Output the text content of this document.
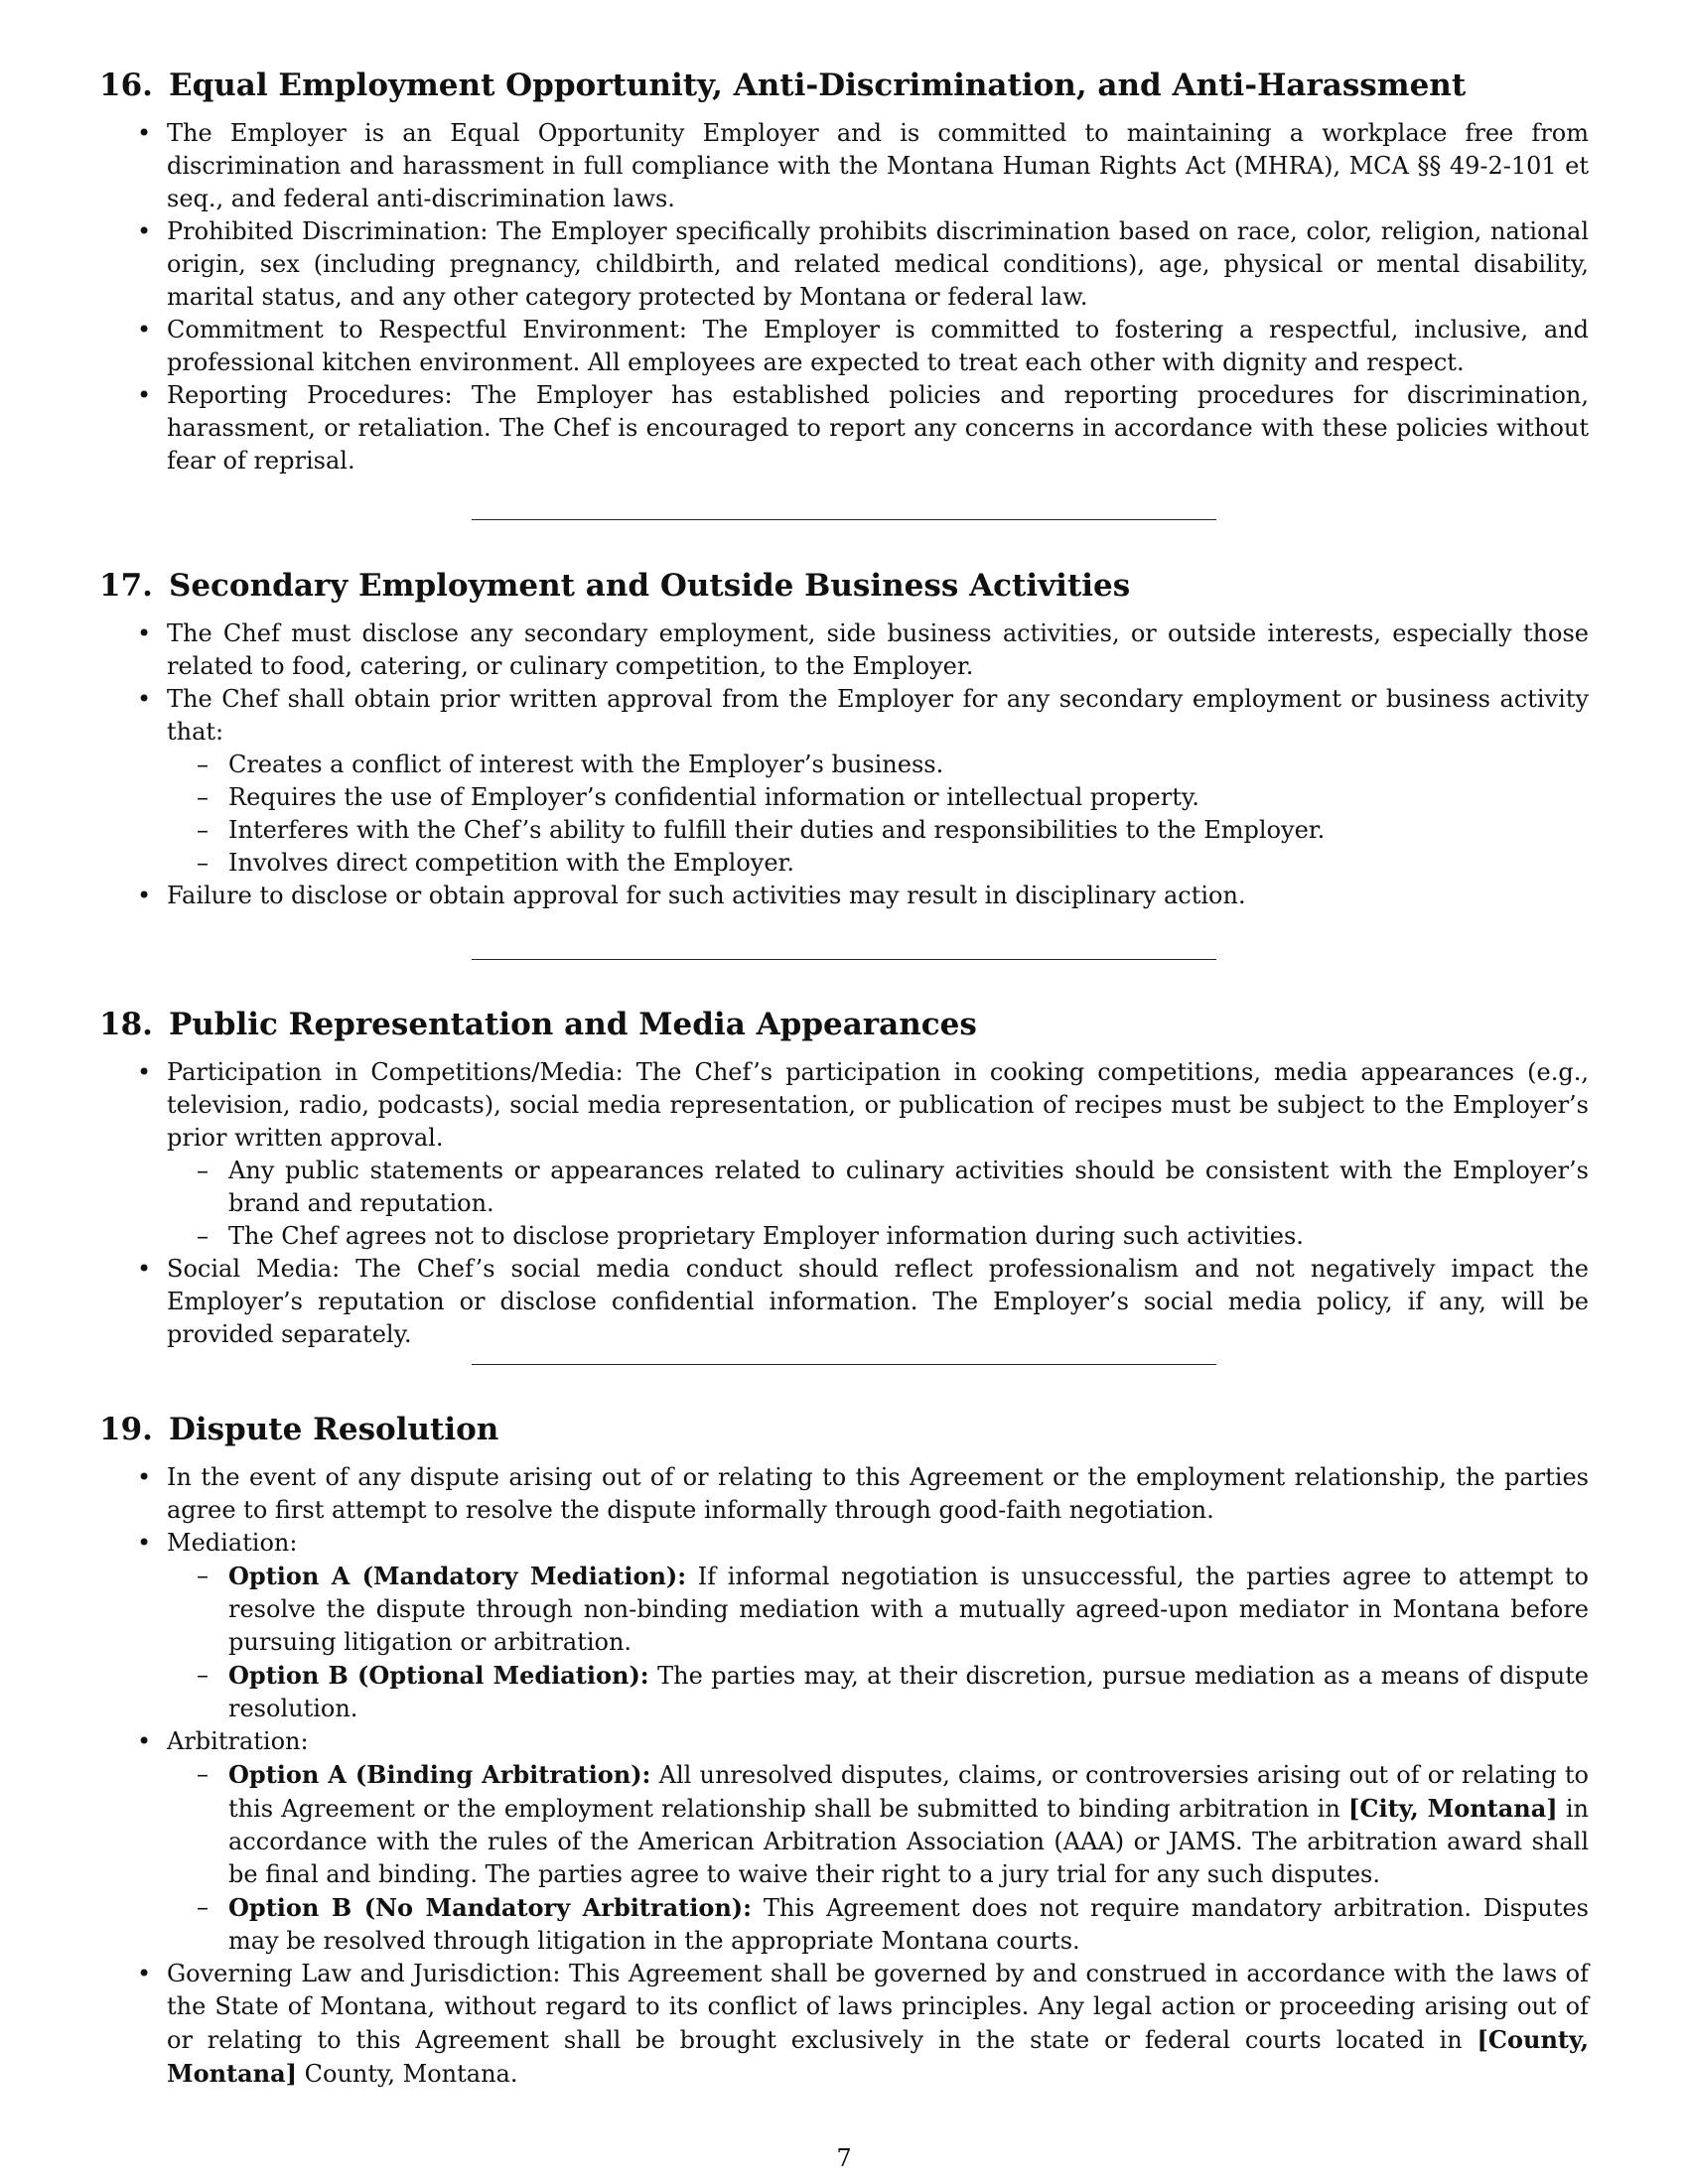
16. Equal Employment Opportunity, Anti-Discrimination, and Anti-Harassment
• The Employer is an Equal Opportunity Employer and is committed to maintaining a workplace free from discrimination and harassment in full compliance with the Montana Human Rights Act (MHRA), MCA §§ 49-2-101 et seq., and federal anti-discrimination laws.
• Prohibited Discrimination: The Employer specifically prohibits discrimination based on race, color, religion, national origin, sex (including pregnancy, childbirth, and related medical conditions), age, physical or mental disability, marital status, and any other category protected by Montana or federal law.
• Commitment to Respectful Environment: The Employer is committed to fostering a respectful, inclusive, and professional kitchen environment. All employees are expected to treat each other with dignity and respect.
• Reporting Procedures: The Employer has established policies and reporting procedures for discrimination, harassment, or retaliation. The Chef is encouraged to report any concerns in accordance with these policies without fear of reprisal.
17. Secondary Employment and Outside Business Activities
• The Chef must disclose any secondary employment, side business activities, or outside interests, especially those related to food, catering, or culinary competition, to the Employer.
• The Chef shall obtain prior written approval from the Employer for any secondary employment or business activity that:
– Creates a conflict of interest with the Employer’s business.
– Requires the use of Employer’s confidential information or intellectual property.
– Interferes with the Chef’s ability to fulfill their duties and responsibilities to the Employer.
– Involves direct competition with the Employer.
• Failure to disclose or obtain approval for such activities may result in disciplinary action.
18. Public Representation and Media Appearances
• Participation in Competitions/Media: The Chef’s participation in cooking competitions, media appearances (e.g., television, radio, podcasts), social media representation, or publication of recipes must be subject to the Employer’s prior written approval.
– Any public statements or appearances related to culinary activities should be consistent with the Employer’s brand and reputation.
– The Chef agrees not to disclose proprietary Employer information during such activities.
• Social Media: The Chef’s social media conduct should reflect professionalism and not negatively impact the Employer’s reputation or disclose confidential information. The Employer’s social media policy, if any, will be provided separately.
19. Dispute Resolution
• In the event of any dispute arising out of or relating to this Agreement or the employment relationship, the parties agree to first attempt to resolve the dispute informally through good-faith negotiation.
• Mediation:
– Option A (Mandatory Mediation): If informal negotiation is unsuccessful, the parties agree to attempt to resolve the dispute through non-binding mediation with a mutually agreed-upon mediator in Montana before pursuing litigation or arbitration.
– Option B (Optional Mediation): The parties may, at their discretion, pursue mediation as a means of dispute resolution.
• Arbitration:
– Option A (Binding Arbitration): All unresolved disputes, claims, or controversies arising out of or relating to this Agreement or the employment relationship shall be submitted to binding arbitration in [City, Montana] in accordance with the rules of the American Arbitration Association (AAA) or JAMS. The arbitration award shall be final and binding. The parties agree to waive their right to a jury trial for any such disputes.
– Option B (No Mandatory Arbitration): This Agreement does not require mandatory arbitration. Disputes may be resolved through litigation in the appropriate Montana courts.
• Governing Law and Jurisdiction: This Agreement shall be governed by and construed in accordance with the laws of the State of Montana, without regard to its conflict of laws principles. Any legal action or proceeding arising out of or relating to this Agreement shall be brought exclusively in the state or federal courts located in [County, Montana] County, Montana.
7
